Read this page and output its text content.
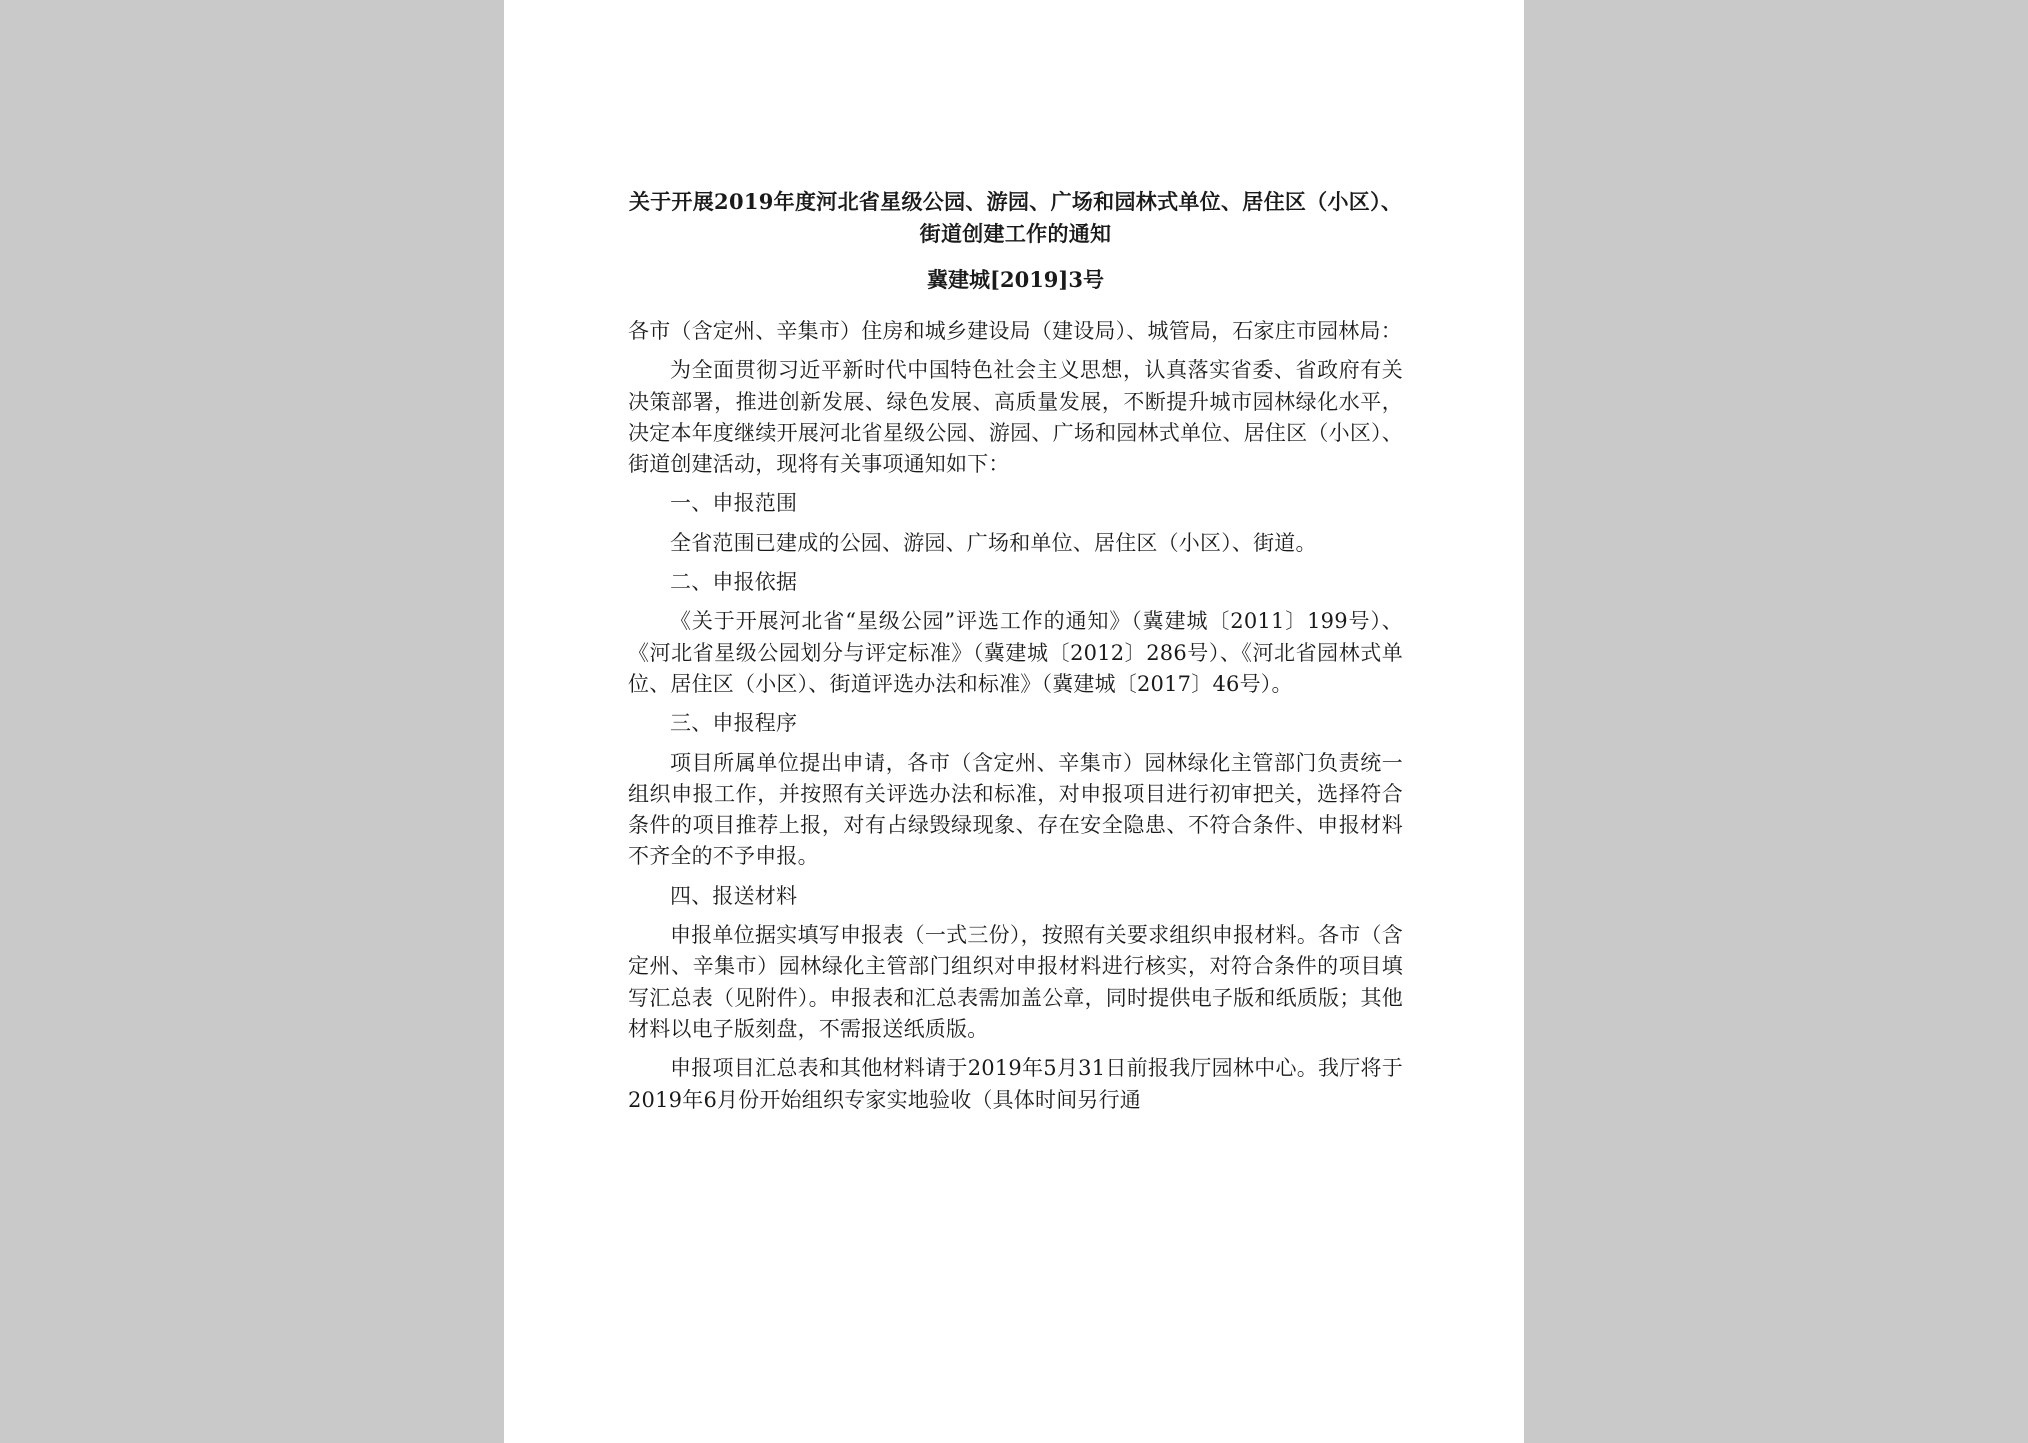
关于开展2019年度河北省星级公园、游园、广场和园林式单位、居住区（小区）、街道创建工作的通知
冀建城[2019]3号

各市（含定州、辛集市）住房和城乡建设局（建设局）、城管局，石家庄市园林局：

为全面贯彻习近平新时代中国特色社会主义思想，认真落实省委、省政府有关决策部署，推进创新发展、绿色发展、高质量发展，不断提升城市园林绿化水平，决定本年度继续开展河北省星级公园、游园、广场和园林式单位、居住区（小区）、街道创建活动，现将有关事项通知如下：

一、申报范围

全省范围已建成的公园、游园、广场和单位、居住区（小区）、街道。

二、申报依据

《关于开展河北省“星级公园”评选工作的通知》（冀建城〔2011〕199号）、《河北省星级公园划分与评定标准》（冀建城〔2012〕286号）、《河北省园林式单位、居住区（小区）、街道评选办法和标准》（冀建城〔2017〕46号）。

三、申报程序

项目所属单位提出申请，各市（含定州、辛集市）园林绿化主管部门负责统一组织申报工作，并按照有关评选办法和标准，对申报项目进行初审把关，选择符合条件的项目推荐上报，对有占绿毁绿现象、存在安全隐患、不符合条件、申报材料不齐全的不予申报。

四、报送材料

申报单位据实填写申报表（一式三份），按照有关要求组织申报材料。各市（含定州、辛集市）园林绿化主管部门组织对申报材料进行核实，对符合条件的项目填写汇总表（见附件）。申报表和汇总表需加盖公章，同时提供电子版和纸质版；其他材料以电子版刻盘，不需报送纸质版。

申报项目汇总表和其他材料请于2019年5月31日前报我厅园林中心。我厅将于2019年6月份开始组织专家实地验收（具体时间另行通
